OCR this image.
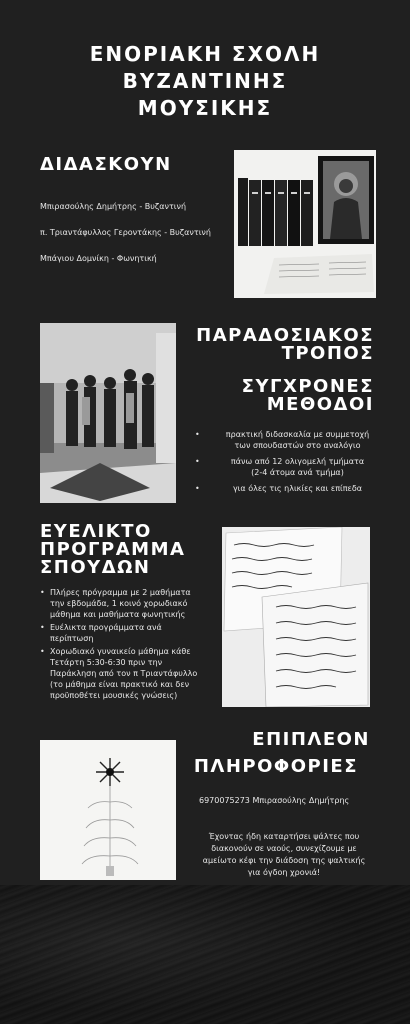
ΕΝΟΡΙΑΚΗ ΣΧΟΛΗ
ΒΥΖΑΝΤΙΝΗΣ
ΜΟΥΣΙΚΗΣ
ΔΙΔΑΣΚΟΥΝ
Μπιρασούλης Δημήτρης - Βυζαντινή
π. Τριαντάφυλλος Γεροντάκης - Βυζαντινή
Μπάγιου Δομνίκη - Φωνητική
ΠΑΡΑΔΟΣΙΑΚΟΣ
ΤΡΟΠΟΣ
ΣΥΓΧΡΟΝΕΣ
ΜΕΘΟΔΟΙ
• πρακτική διδασκαλία με συμμετοχή των σπουδαστών στο αναλόγιο
• πάνω από 12 ολιγομελή τμήματα (2-4 άτομα ανά τμήμα)
• για όλες τις ηλικίες και επίπεδα
ΕΥΕΛΙΚΤΟ
ΠΡΟΓΡΑΜΜΑ
ΣΠΟΥΔΩΝ
• Πλήρες πρόγραμμα με 2 μαθήματα την εβδομάδα, 1 κοινό χορωδιακό μάθημα και μαθήματα φωνητικής
• Ευέλικτα προγράμματα ανά περίπτωση
• Χορωδιακό γυναικείο μάθημα κάθε Τετάρτη 5:30-6:30 πριν την Παράκληση από τον π Τριαντάφυλλο (το μάθημα είναι πρακτικό και δεν προϋποθέτει μουσικές γνώσεις)
ΕΠΙΠΛΕΟΝ
ΠΛΗΡΟΦΟΡΙΕΣ
6970075273 Μπιρασούλης Δημήτρης
Έχοντας ήδη καταρτήσει ψάλτες που διακονούν σε ναούς, συνεχίζουμε με αμείωτο κέφι την διάδοση της ψαλτικής για όγδοη χρονιά!
